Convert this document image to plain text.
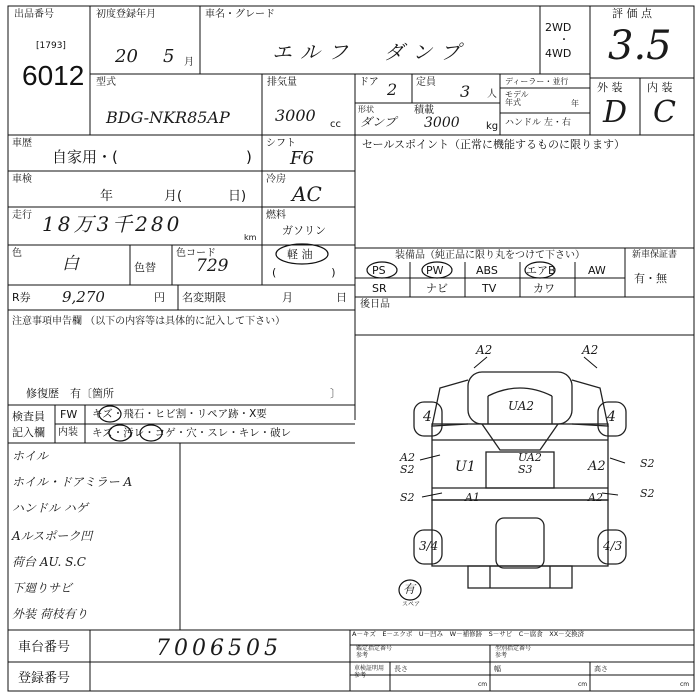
出品番号
[1793]
6012
初度登録年月
20 5 月
車名・グレード
エルフ　ダンプ
2WD
・
4WD
評 価 点
3.5
型式
BDG-NKR85AP
排気量
3000 cc
ドア 2 定員 3 人
ディーラー・並行
モデル
年式	年
形状
ダンプ
積載
3000	kg ハンドル 左・右
外 装 内 装
D C
車歴
自家用・(	)
シフト
F6
セールスポイント（正常に機能するものに限ります）
車検
年	月(	日)
冷房
AC
走行 18万3千280
km
燃料
ガソリン
軽 油
(　　　　　)
色
白	色替
色コード
729
R券 9,270	円 名変期限	月	日
注意事項申告欄 （以下の内容等は具体的に記入して下さい）
修復歴　有〔箇所	〕
検査員
記入欄
FW キズ・飛石・ヒビ割・リペア跡・X要
内装 キズ・汚レ・コゲ・穴・スレ・キレ・破レ
ホイル
ホイル・ドアミラー A
ハンドル ハゲ
Aルスポーク凹
荷台 AU. S.C
下廻りサビ
外装 荷枝有り
装備品（純正品に限り丸をつけて下さい）	新車保証書
有・無
PS	PW	ABS	エアB	AW
SR	ナビ	TV	カワ
後日品
A2	A2
UA2
4	4
A2
S2	U1
UA2
S3	A2	S2
S2	A1	A2	S2
3/4	4/3
有
スペア
A－キズ　E－エクボ　U－凹み　W－補修跡　S－サビ　C－腐食　XX－交換済
車台番号	7006505
登録番号
鑑定指定番号
参考
型別指定番号
参考
車検証明用
参考
長さ	幅	高さ
cm	cm	cm
